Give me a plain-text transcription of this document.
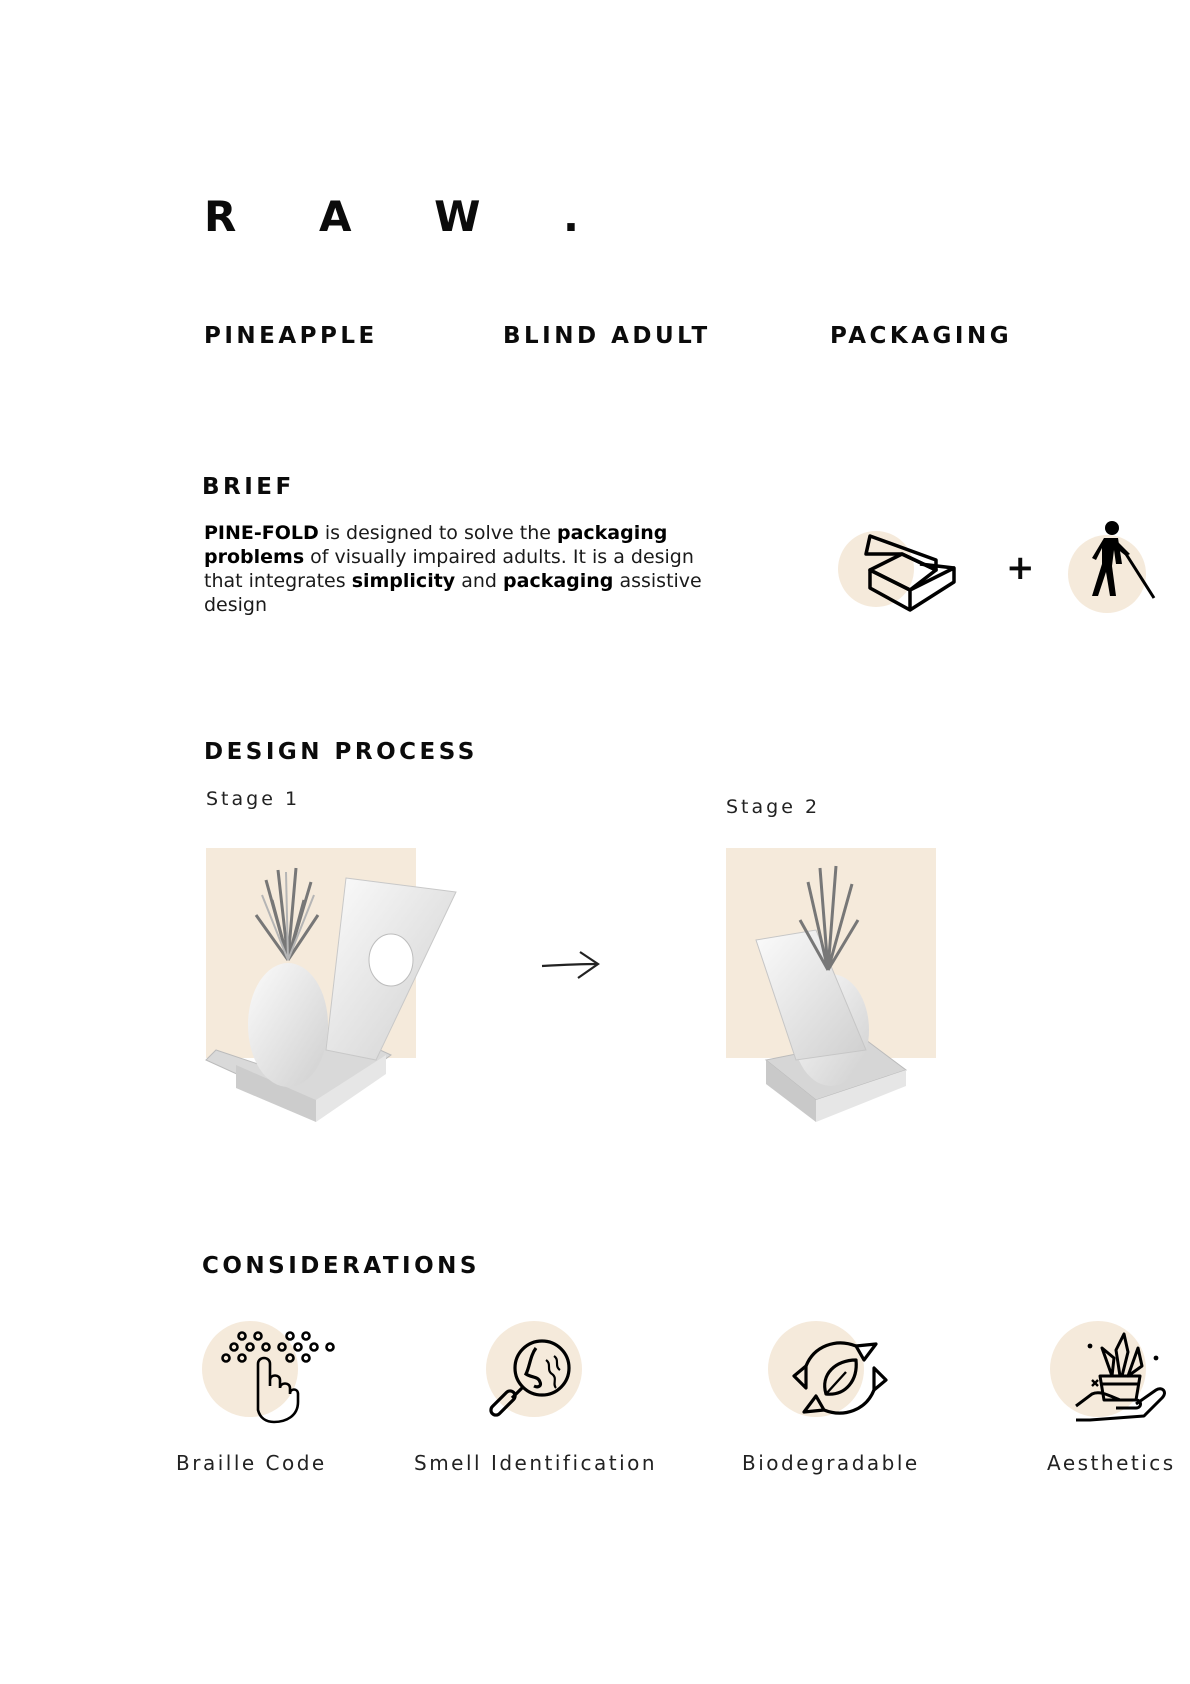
R A W .
PINEAPPLE	BLIND ADULT	PACKAGING
BRIEF
PINE-FOLD is designed to solve the packaging
problems of visually impaired adults. It is a design that integrates simplicity and packaging assistive design
+
DESIGN PROCESS
Stage 1	Stage 2
CONSIDERATIONS
Braille Code	Smell Identification	Biodegradable	Aesthetics
